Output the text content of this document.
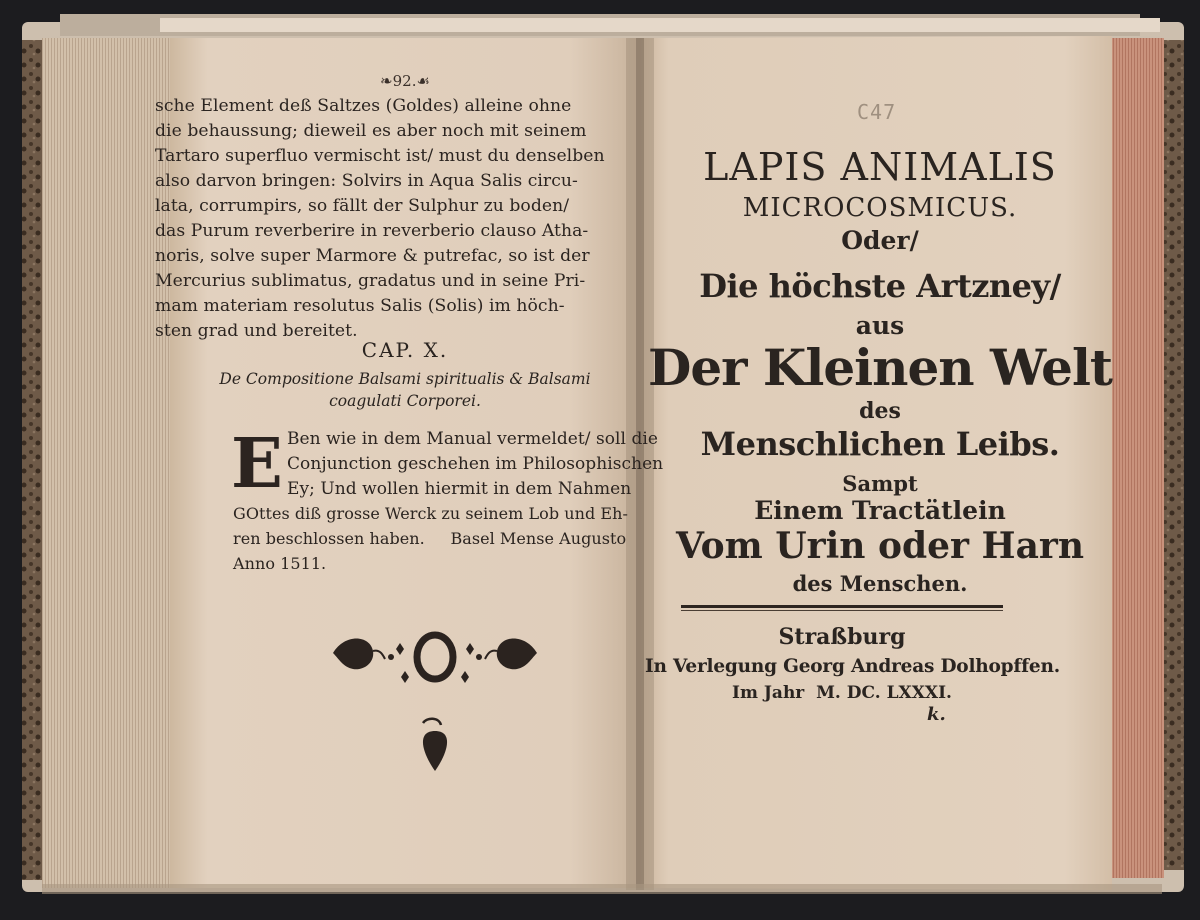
❧92.☙
sche Element deß Saltzes (Goldes) alleine ohne
die behaussung; dieweil es aber noch mit seinem
Tartaro superfluo vermischt ist/ must du denselben
also darvon bringen: Solvirs in Aqua Salis circu-
lata, corrumpirs, so fällt der Sulphur zu boden/
das Purum reverberire in reverberio clauso Atha-
noris, solve super Marmore & putrefac, so ist der
Mercurius sublimatus, gradatus und in seine Pri-
mam materiam resolutus Salis (Solis) im höch-
sten grad und bereitet.
CAP. X.
De Compositione Balsami spiritualis & Balsami
coagulati Corporei.
E Ben wie in dem Manual vermeldet/ soll die
Conjunction geschehen im Philosophischen
Ey; Und wollen hiermit in dem Nahmen
GOttes diß grosse Werck zu seinem Lob und Eh-
ren beschlossen haben.     Basel Mense Augusto
Anno 1511.
C47
LAPIS ANIMALIS
MICROCOSMICUS.
Oder/
Die höchste Artzney/
aus
Der Kleinen Welt
des
Menschlichen Leibs.
Sampt
Einem Tractätlein
Vom Urin oder Harn
des Menschen.
Straßburg
In Verlegung Georg Andreas Dolhopffen.
Im Jahr  M. DC. LXXXI.
k.
